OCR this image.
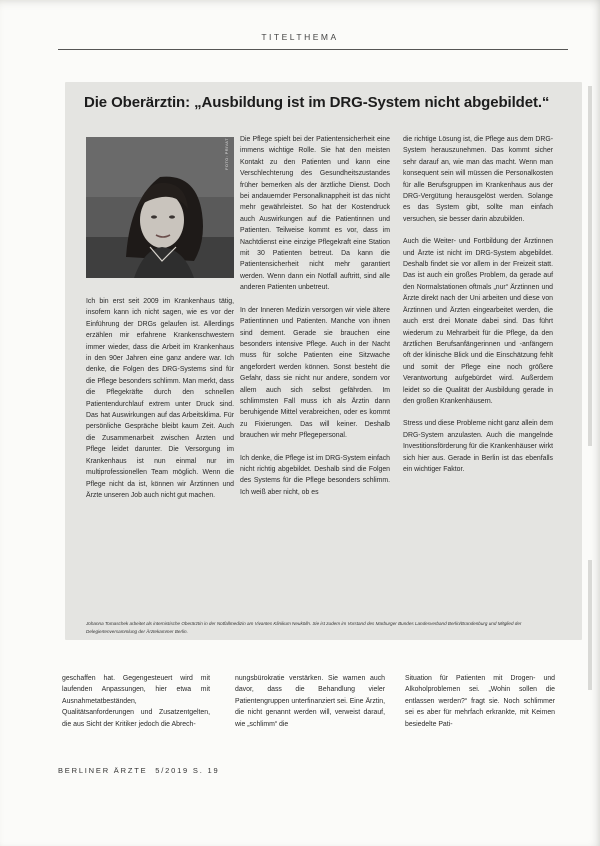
TITELTHEMA
Die Oberärztin: „Ausbildung ist im DRG-System nicht abgebildet.“
FOTO: PRIVAT

Ich bin erst seit 2009 im Krankenhaus tätig, insofern kann ich nicht sagen, wie es vor der Einführung der DRGs gelaufen ist. Allerdings erzählen mir erfahrene Krankenschwestern immer wieder, dass die Arbeit im Krankenhaus in den 90er Jahren eine ganz andere war. Ich denke, die Folgen des DRG-Systems sind für die Pflege besonders schlimm. Man merkt, dass die Pflegekräfte durch den schnellen Patientendurchlauf extrem unter Druck sind. Das hat Auswirkungen auf das Arbeitsklima. Für persönliche Gespräche bleibt kaum Zeit. Auch die Zusammenarbeit zwischen Ärzten und Pflege leidet darunter. Die Versorgung im Krankenhaus ist nun einmal nur im multiprofessionellen Team möglich. Wenn die Pflege nicht da ist, können wir Ärztinnen und Ärzte unseren Job auch nicht gut machen.

Die Pflege spielt bei der Patientensicherheit eine immens wichtige Rolle. Sie hat den meisten Kontakt zu den Patienten und kann eine Verschlechterung des Gesundheitszustandes früher bemerken als der ärztliche Dienst. Doch bei andauernder Personalknappheit ist das nicht mehr gewährleistet. So hat der Kostendruck auch Auswirkungen auf die Patientinnen und Patienten. Teilweise kommt es vor, dass im Nachtdienst eine einzige Pflegekraft eine Station mit 30 Patienten betreut. Da kann die Patientensicherheit nicht mehr garantiert werden. Wenn dann ein Notfall auftritt, sind alle anderen Patienten unbetreut.

In der Inneren Medizin versorgen wir viele ältere Patientinnen und Patienten. Manche von ihnen sind dement. Gerade sie brauchen eine besonders intensive Pflege. Auch in der Nacht muss für solche Patienten eine Sitzwache angefordert werden können. Sonst besteht die Gefahr, dass sie nicht nur andere, sondern vor allem auch sich selbst gefährden. Im schlimmsten Fall muss ich als Ärztin dann beruhigende Mittel verabreichen, oder es kommt zu Fixierungen. Das will keiner. Deshalb brauchen wir mehr Pflegepersonal.

Ich denke, die Pflege ist im DRG-System einfach nicht richtig abgebildet. Deshalb sind die Folgen des Systems für die Pflege besonders schlimm. Ich weiß aber nicht, ob es

die richtige Lösung ist, die Pflege aus dem DRG-System herauszunehmen. Das kommt sicher sehr darauf an, wie man das macht. Wenn man konsequent sein will müssen die Personalkosten für alle Berufsgruppen im Krankenhaus aus der DRG-Vergütung herausgelöst werden. Solange es das System gibt, sollte man einfach versuchen, sie besser darin abzubilden.

Auch die Weiter- und Fortbildung der Ärztinnen und Ärzte ist nicht im DRG-System abgebildet. Deshalb findet sie vor allem in der Freizeit statt. Das ist auch ein großes Problem, da gerade auf den Normalstationen oftmals „nur“ Ärztinnen und Ärzte direkt nach der Uni arbeiten und diese von Ärztinnen und Ärzten eingearbeitet werden, die auch erst drei Monate dabei sind. Das führt wiederum zu Mehrarbeit für die Pflege, da den ärztlichen Berufsanfängerinnen und -anfängern oft der klinische Blick und die Einschätzung fehlt und somit der Pflege eine noch größere Verantwortung aufgebürdet wird. Außerdem leidet so die Qualität der Ausbildung gerade in den großen Krankenhäusern.

Stress und diese Probleme nicht ganz allein dem DRG-System anzulasten. Auch die mangelnde Investitionsförderung für die Krankenhäuser wirkt sich hier aus. Gerade in Berlin ist das ebenfalls ein wichtiger Faktor.

Johanna Tomaschek arbeitet als internistische Oberärztin in der Notfallmedizin am Vivantes Klinikum Neukölln. Sie ist zudem im Vorstand des Marburger Bundes Landesverband Berlin/Brandenburg und Mitglied der Delegiertenversammlung der Ärztekammer Berlin.
geschaffen hat. Gegengesteuert wird mit laufenden Anpassungen, hier etwa mit Ausnahmetatbeständen, Qualitätsanforderungen und Zusatzentgelten, die aus Sicht der Kritiker jedoch die Abrech-
nungsbürokratie verstärken. Sie warnen auch davor, dass die Behandlung vieler Patientengruppen unterfinanziert sei. Eine Ärztin, die nicht genannt werden will, verweist darauf, wie „schlimm“ die
Situation für Patienten mit Drogen- und Alkoholproblemen sei. „Wohin sollen die entlassen werden?“ fragt sie. Noch schlimmer sei es aber für mehrfach erkrankte, mit Keimen besiedelte Pati-
BERLINER ÄRZTE 5/2019 S. 19
